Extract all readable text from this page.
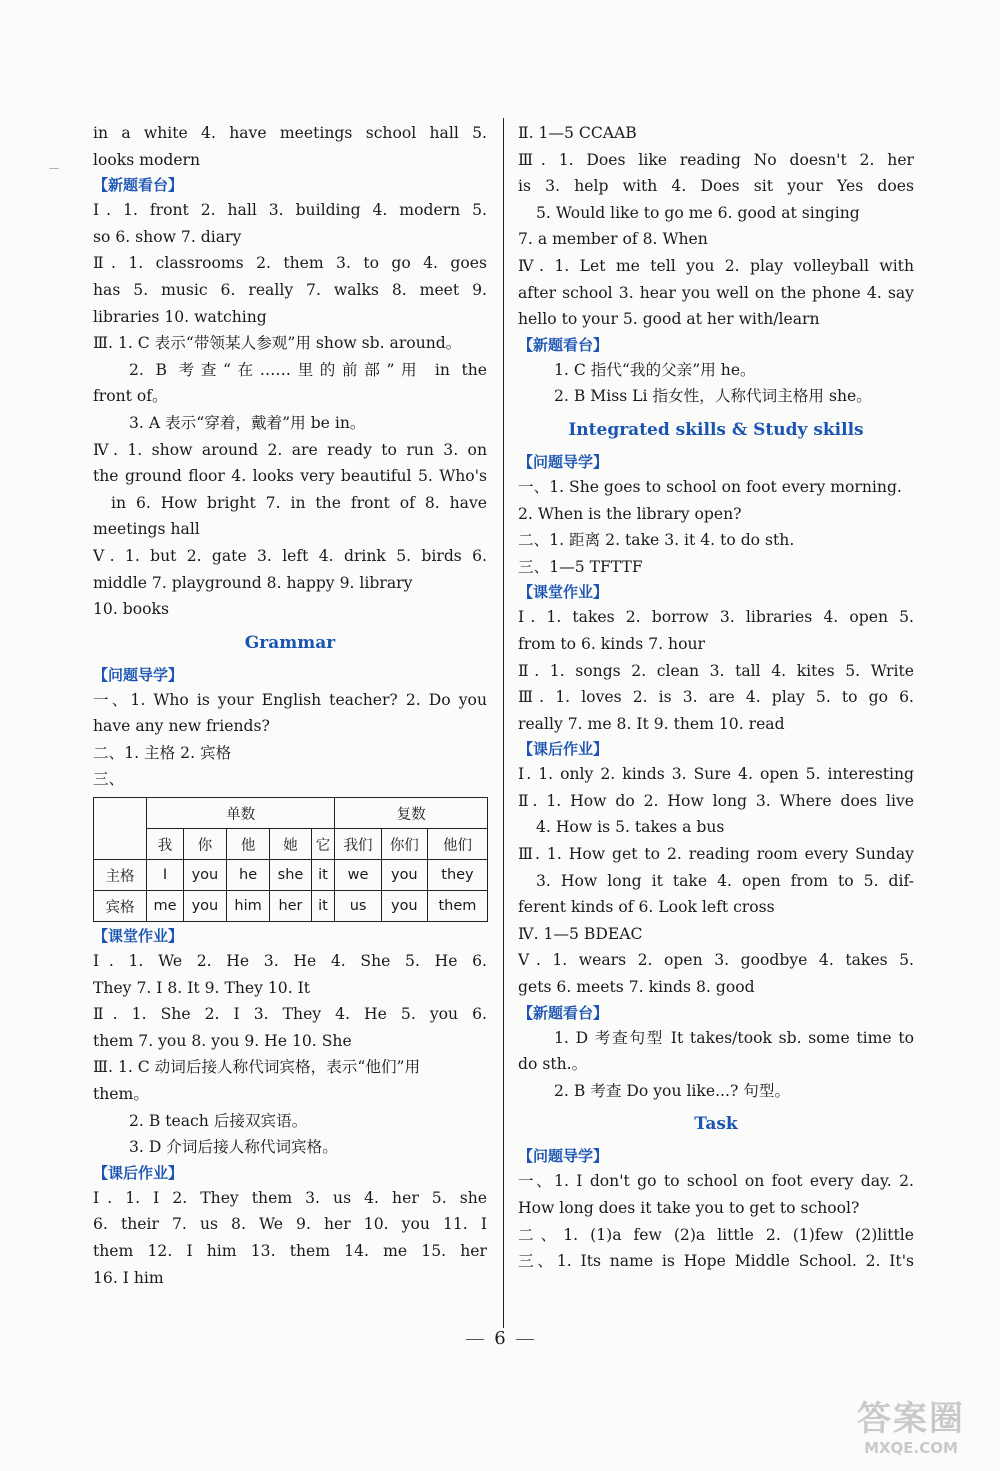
—
in a white 4. have meetings school hall 5.
looks modern
【新题看台】
Ⅰ. 1. front 2. hall 3. building 4. modern 5.
so 6. show 7. diary
Ⅱ. 1. classrooms 2. them 3. to go 4. goes
has 5. music 6. really 7. walks 8. meet 9.
libraries 10. watching
Ⅲ. 1. C 表示“带领某人参观”用 show sb. around。
2. B 考查“在……里的前部”用 in the
front of。
3. A 表示“穿着，戴着”用 be in。
Ⅳ. 1. show around 2. are ready to run 3. on
the ground floor 4. looks very beautiful 5. Who's
in 6. How bright 7. in the front of 8. have
meetings hall
Ⅴ. 1. but 2. gate 3. left 4. drink 5. birds 6.
middle 7. playground 8. happy 9. library
10. books
Grammar
【问题导学】
一、1. Who is your English teacher? 2. Do you
have any new friends?
二、1. 主格 2. 宾格
三、
	单数					复数		
	我	你	他	她	它	我们	你们	他们
主格	I	you	he	she	it	we	you	they
宾格	me	you	him	her	it	us	you	them
【课堂作业】
Ⅰ. 1. We 2. He 3. He 4. She 5. He 6.
They 7. I 8. It 9. They 10. It
Ⅱ. 1. She 2. I 3. They 4. He 5. you 6.
them 7. you 8. you 9. He 10. She
Ⅲ. 1. C 动词后接人称代词宾格，表示“他们”用
them。
2. B teach 后接双宾语。
3. D 介词后接人称代词宾格。
【课后作业】
Ⅰ. 1. I 2. They them 3. us 4. her 5. she
6. their 7. us 8. We 9. her 10. you 11. I
them 12. I him 13. them 14. me 15. her
16. I him
Ⅱ. 1—5 CCAAB
Ⅲ. 1. Does like reading No doesn't 2. her
is 3. help with 4. Does sit your Yes does
5. Would like to go me 6. good at singing
7. a member of 8. When
Ⅳ. 1. Let me tell you 2. play volleyball with
after school 3. hear you well on the phone 4. say
hello to your 5. good at her with/learn
【新题看台】
1. C 指代“我的父亲”用 he。
2. B Miss Li 指女性，人称代词主格用 she。
Integrated skills & Study skills
【问题导学】
一、1. She goes to school on foot every morning.
2. When is the library open?
二、1. 距离 2. take 3. it 4. to do sth.
三、1—5 TFTTF
【课堂作业】
Ⅰ. 1. takes 2. borrow 3. libraries 4. open 5.
from to 6. kinds 7. hour
Ⅱ. 1. songs 2. clean 3. tall 4. kites 5. Write
Ⅲ. 1. loves 2. is 3. are 4. play 5. to go 6.
really 7. me 8. It 9. them 10. read
【课后作业】
Ⅰ. 1. only 2. kinds 3. Sure 4. open 5. interesting
Ⅱ. 1. How do 2. How long 3. Where does live
4. How is 5. takes a bus
Ⅲ. 1. How get to 2. reading room every Sunday
3. How long it take 4. open from to 5. dif-
ferent kinds of 6. Look left cross
Ⅳ. 1—5 BDEAC
Ⅴ. 1. wears 2. open 3. goodbye 4. takes 5.
gets 6. meets 7. kinds 8. good
【新题看台】
1. D 考查句型 It takes/took sb. some time to
do sth.。
2. B 考查 Do you like...? 句型。
Task
【问题导学】
一、1. I don't go to school on foot every day. 2.
How long does it take you to get to school?
二、1. (1)a few (2)a little 2. (1)few (2)little
三、1. Its name is Hope Middle School. 2. It's
6
答案圈
MXQE.COM
